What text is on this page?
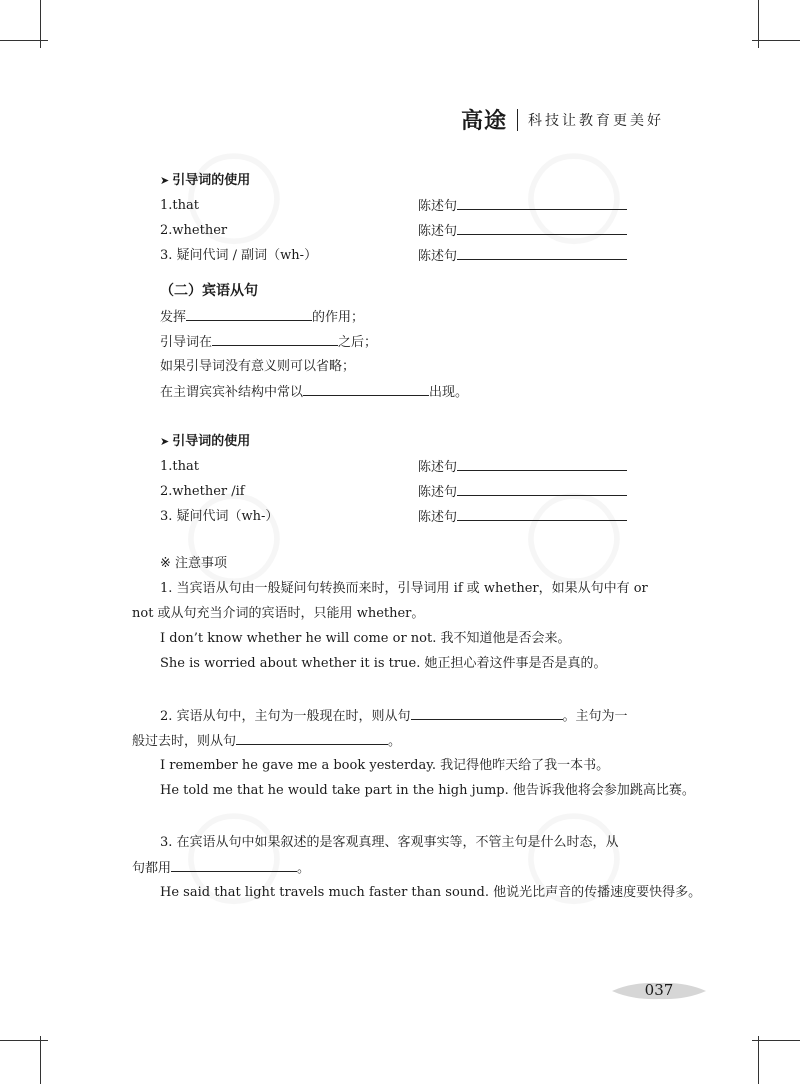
高途 科技让教育更美好
➤ 引导词的使用
1.that	陈述句
2.whether	陈述句
3. 疑问代词 / 副词（wh-）	陈述句
（二）宾语从句
发挥	的作用；
引导词在	之后；
如果引导词没有意义则可以省略；
在主谓宾宾补结构中常以	出现。
➤ 引导词的使用
1.that	陈述句
2.whether /if	陈述句
3. 疑问代词（wh-）	陈述句
※ 注意事项
1. 当宾语从句由一般疑问句转换而来时，引导词用 if 或 whether，如果从句中有 or
not 或从句充当介词的宾语时，只能用 whether。
I don’t know whether he will come or not. 我不知道他是否会来。
She is worried about whether it is true. 她正担心着这件事是否是真的。
2. 宾语从句中，主句为一般现在时，则从句	。主句为一
般过去时，则从句	。
I remember he gave me a book yesterday. 我记得他昨天给了我一本书。
He told me that he would take part in the high jump. 他告诉我他将会参加跳高比赛。
3. 在宾语从句中如果叙述的是客观真理、客观事实等，不管主句是什么时态，从
句都用	。
He said that light travels much faster than sound. 他说光比声音的传播速度要快得多。
037
